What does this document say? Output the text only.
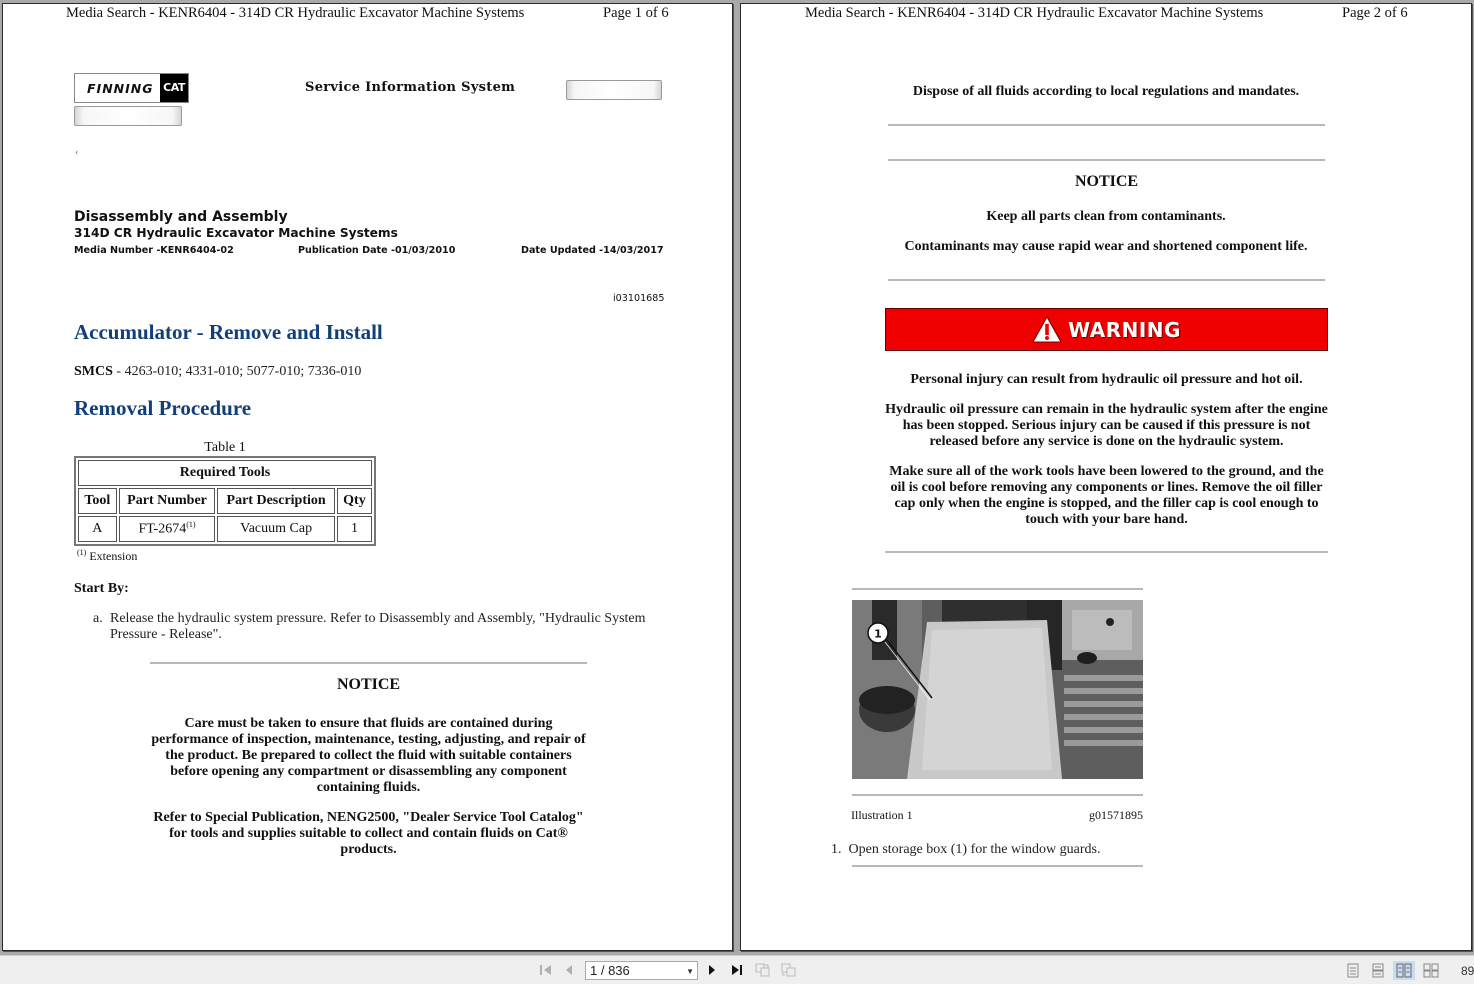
Media Search - KENR6404 - 314D CR Hydraulic Excavator Machine Systems	Page 1 of 6
FINNING CAT	Service Information System
‹
Disassembly and Assembly
314D CR Hydraulic Excavator Machine Systems
Media Number -KENR6404-02	Publication Date -01/03/2010	Date Updated -14/03/2017
i03101685
Accumulator - Remove and Install
SMCS - 4263-010; 4331-010; 5077-010; 7336-010
Removal Procedure
Table 1
Required Tools			
Tool	Part Number	Part Description	Qty
A	FT-2674$^{(1)}$	Vacuum Cap	1
$^{(1)}$ Extension
Start By:
a. Release the hydraulic system pressure. Refer to Disassembly and Assembly, "Hydraulic System Pressure - Release".
NOTICE

Care must be taken to ensure that fluids are contained during performance of inspection, maintenance, testing, adjusting, and repair of the product. Be prepared to collect the fluid with suitable containers before opening any compartment or disassembling any component containing fluids.

Refer to Special Publication, NENG2500, "Dealer Service Tool Catalog" for tools and supplies suitable to collect and contain fluids on Cat® products.

Media Search - KENR6404 - 314D CR Hydraulic Excavator Machine Systems	Page 2 of 6
Dispose of all fluids according to local regulations and mandates.
NOTICE

Keep all parts clean from contaminants.

Contaminants may cause rapid wear and shortened component life.

WARNING

Personal injury can result from hydraulic oil pressure and hot oil.

Hydraulic oil pressure can remain in the hydraulic system after the engine has been stopped. Serious injury can be caused if this pressure is not released before any service is done on the hydraulic system.

Make sure all of the work tools have been lowered to the ground, and the oil is cool before removing any components or lines. Remove the oil filler cap only when the engine is stopped, and the filler cap is cool enough to touch with your bare hand.

1
Illustration 1	g01571895
1. Open storage box (1) for the window guards.
1 / 836	▼	89
